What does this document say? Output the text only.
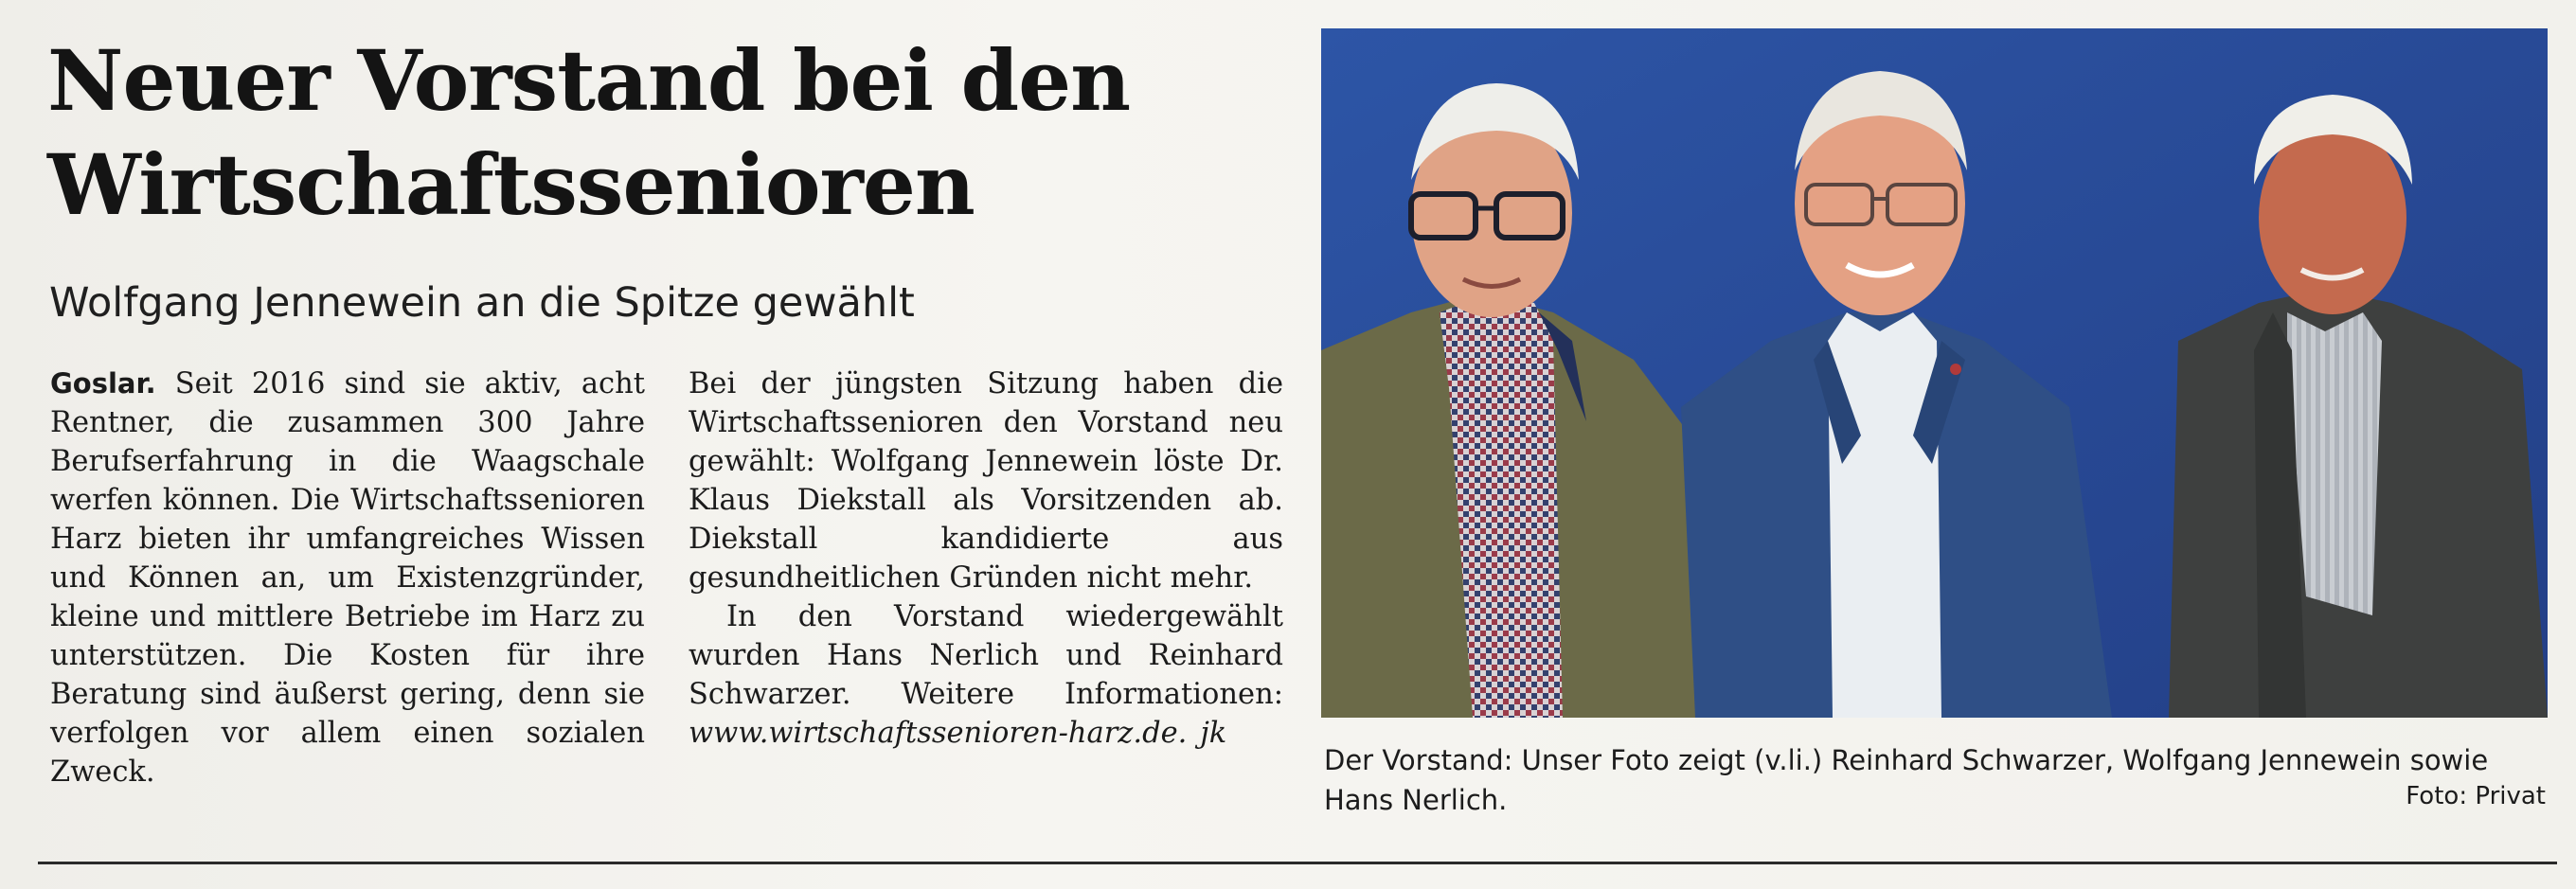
Neuer Vorstand bei den
Wirtschaftssenioren

Wolfgang Jennewein an die Spitze gewählt

Goslar. Seit 2016 sind sie aktiv, acht Rentner, die zusammen 300 Jahre Berufserfahrung in die Waagschale werfen können. Die Wirtschaftssenioren Harz bieten ihr umfangreiches Wissen und Können an, um Existenzgründer, kleine und mittlere Betriebe im Harz zu unterstützen. Die Kosten für ihre Beratung sind äußerst gering, denn sie verfolgen vor allem einen sozialen Zweck.

Bei der jüngsten Sitzung haben die Wirtschaftssenioren den Vorstand neu gewählt: Wolfgang Jennewein löste Dr. Klaus Diekstall als Vorsitzenden ab. Diekstall kandidierte aus gesundheitlichen Gründen nicht mehr.

In den Vorstand wiedergewählt wurden Hans Nerlich und Reinhard Schwarzer. Weitere Informationen: www.wirtschaftssenioren-harz.de. jk

Der Vorstand: Unser Foto zeigt (v.li.) Reinhard Schwarzer, Wolfgang Jennewein sowie Hans Nerlich.	Foto: Privat
